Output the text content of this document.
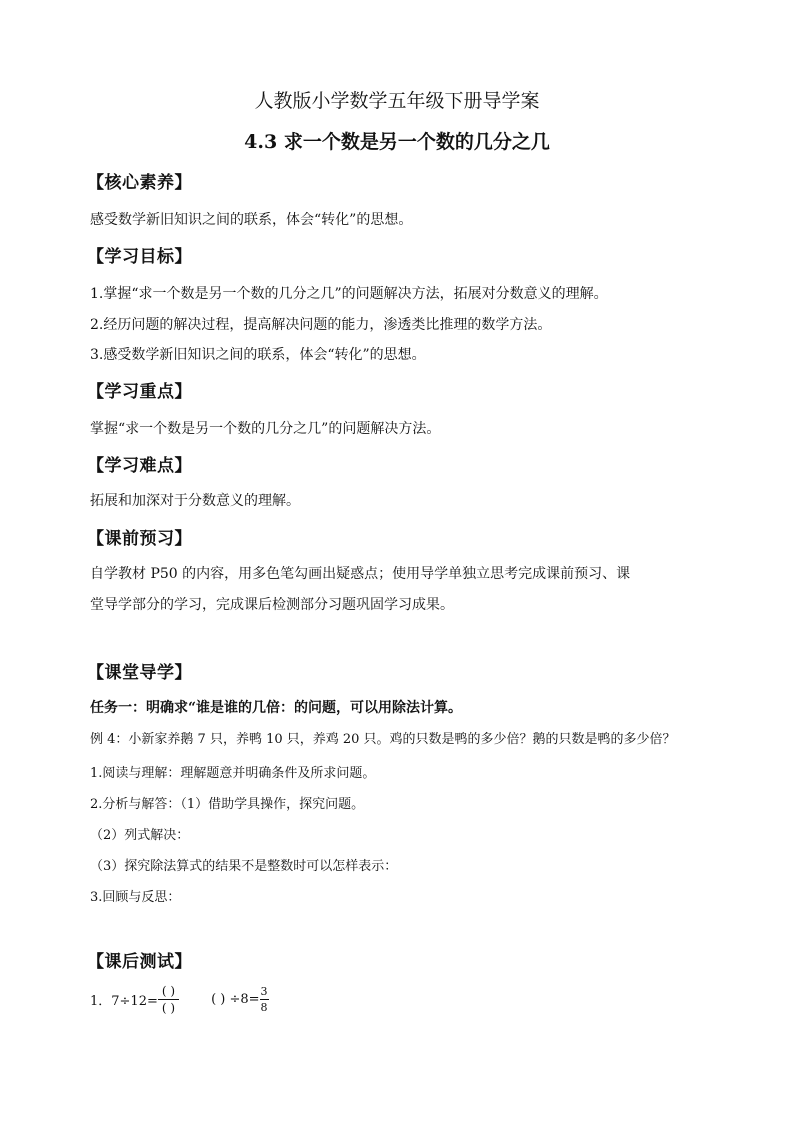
人教版小学数学五年级下册导学案
4.3 求一个数是另一个数的几分之几
【核心素养】
感受数学新旧知识之间的联系，体会“转化”的思想。
【学习目标】
1.掌握“求一个数是另一个数的几分之几”的问题解决方法，拓展对分数意义的理解。
2.经历问题的解决过程，提高解决问题的能力，渗透类比推理的数学方法。
3.感受数学新旧知识之间的联系，体会“转化”的思想。
【学习重点】
掌握“求一个数是另一个数的几分之几”的问题解决方法。
【学习难点】
拓展和加深对于分数意义的理解。
【课前预习】
自学教材 P50 的内容，用多色笔勾画出疑惑点；使用导学单独立思考完成课前预习、课
堂导学部分的学习，完成课后检测部分习题巩固学习成果。
【课堂导学】
任务一：明确求“谁是谁的几倍：的问题，可以用除法计算。
例 4：小新家养鹅 7 只，养鸭 10 只，养鸡 20 只。鸡的只数是鸭的多少倍？鹅的只数是鸭的多少倍？
1.阅读与理解：理解题意并明确条件及所求问题。
2.分析与解答：（1）借助学具操作，探究问题。
（2）列式解决：
（3）探究除法算式的结果不是整数时可以怎样表示：
3.回顾与反思：
【课后测试】
1．$7\div 12= \frac{( )}{( )}$ ( ) $\div 8= \frac{3}{8}$
